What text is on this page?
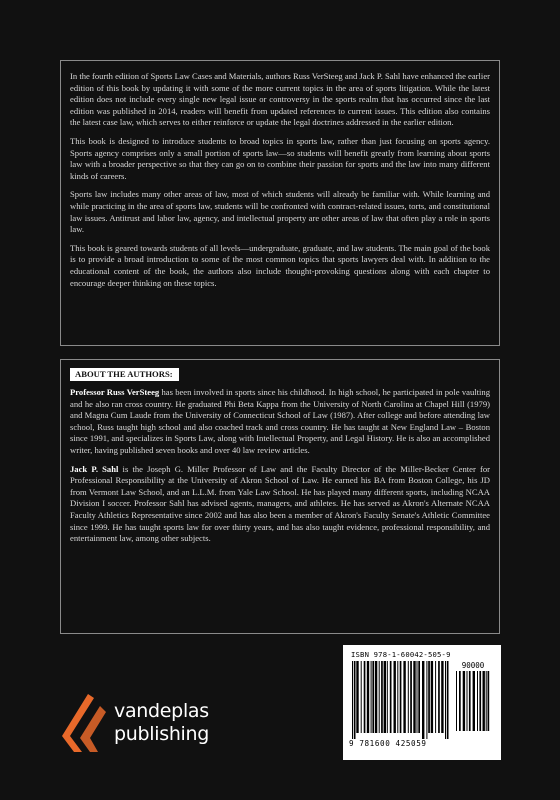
In the fourth edition of Sports Law Cases and Materials, authors Russ VerSteeg and Jack P. Sahl have enhanced the earlier edition of this book by updating it with some of the more current topics in the area of sports litigation. While the latest edition does not include every single new legal issue or controversy in the sports realm that has occurred since the last edition was published in 2014, readers will benefit from updated references to current issues. This edition also contains the latest case law, which serves to either reinforce or update the legal doctrines addressed in the earlier edition.

This book is designed to introduce students to broad topics in sports law, rather than just focusing on sports agency. Sports agency comprises only a small portion of sports law—so students will benefit greatly from learning about sports law with a broader perspective so that they can go on to combine their passion for sports and the law into many different kinds of careers.

Sports law includes many other areas of law, most of which students will already be familiar with. While learning and while practicing in the area of sports law, students will be confronted with contract-related issues, torts, and constitutional law issues. Antitrust and labor law, agency, and intellectual property are other areas of law that often play a role in sports law.

This book is geared towards students of all levels—undergraduate, graduate, and law students. The main goal of the book is to provide a broad introduction to some of the most common topics that sports lawyers deal with. In addition to the educational content of the book, the authors also include thought-provoking questions along with each chapter to encourage deeper thinking on these topics.

ABOUT THE AUTHORS:

Professor Russ VerSteeg has been involved in sports since his childhood. In high school, he participated in pole vaulting and he also ran cross country. He graduated Phi Beta Kappa from the University of North Carolina at Chapel Hill (1979) and Magna Cum Laude from the University of Connecticut School of Law (1987). After college and before attending law school, Russ taught high school and also coached track and cross country. He has taught at New England Law – Boston since 1991, and specializes in Sports Law, along with Intellectual Property, and Legal History. He is also an accomplished writer, having published seven books and over 40 law review articles.

Jack P. Sahl is the Joseph G. Miller Professor of Law and the Faculty Director of the Miller-Becker Center for Professional Responsibility at the University of Akron School of Law. He earned his BA from Boston College, his JD from Vermont Law School, and an L.L.M. from Yale Law School. He has played many different sports, including NCAA Division I soccer. Professor Sahl has advised agents, managers, and athletes. He has served as Akron's Alternate NCAA Faculty Athletics Representative since 2002 and has also been a member of Akron's Faculty Senate's Athletic Committee since 1999. He has taught sports law for over thirty years, and has also taught evidence, professional responsibility, and entertainment law, among other subjects.

vandeplas
publishing
ISBN 978-1-60042-505-9
90000
9 781600 425059
